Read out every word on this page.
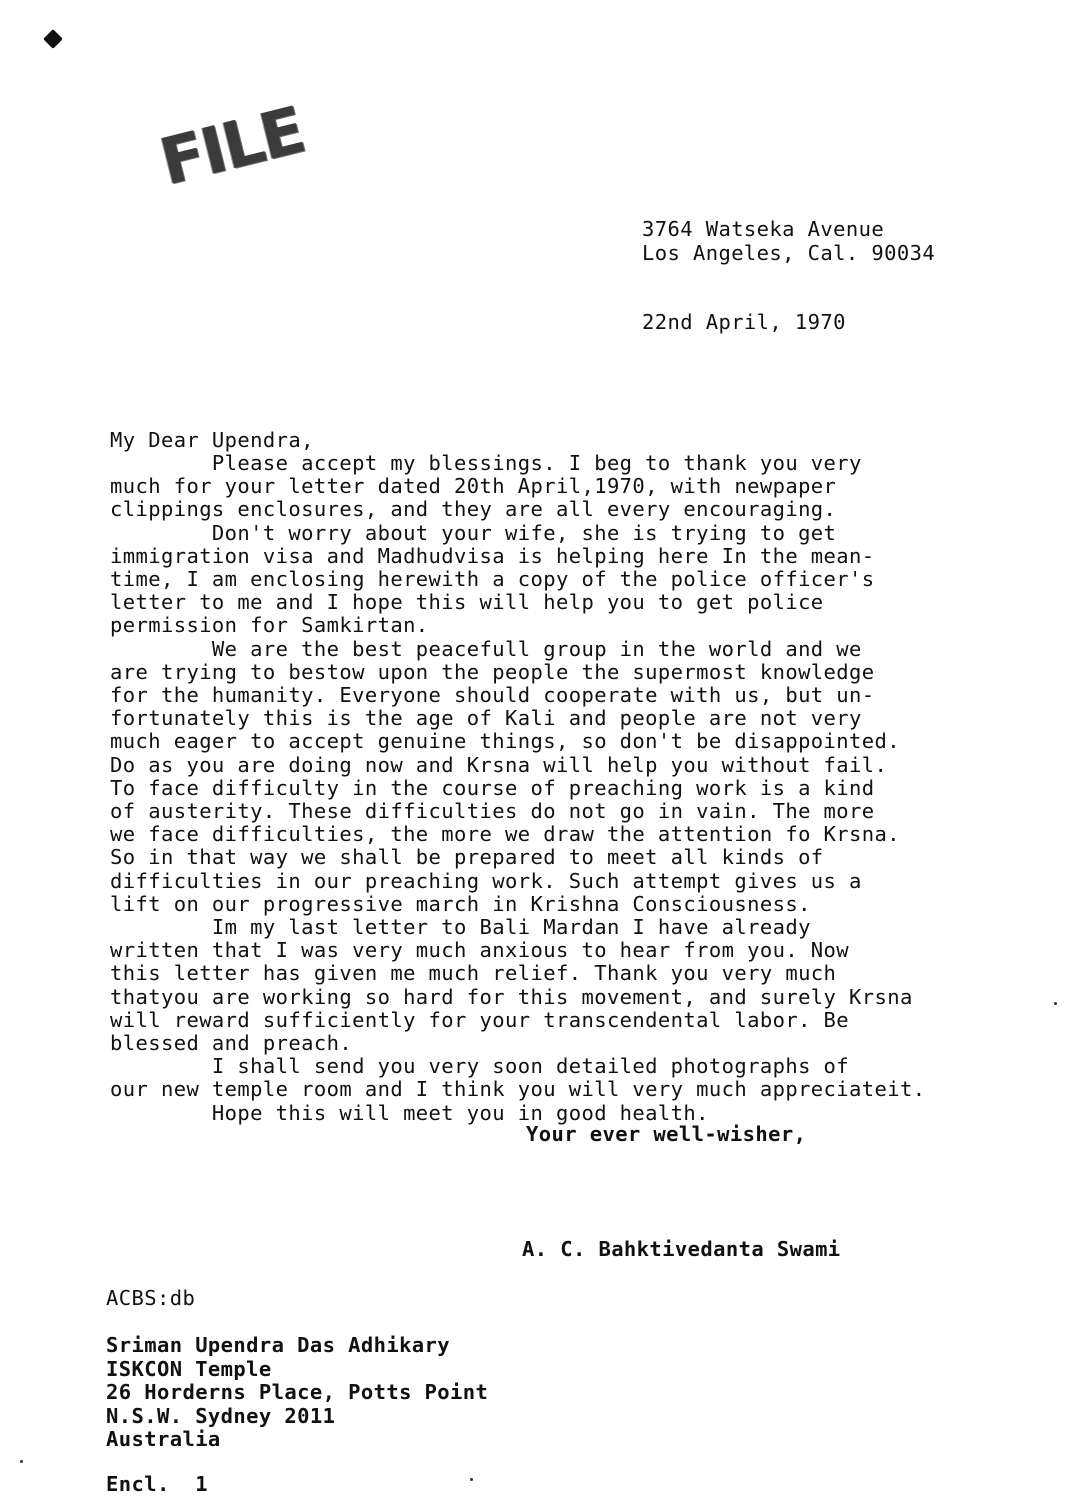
FILE
3764 Watseka Avenue
Los Angeles, Cal. 90034
22nd April, 1970
My Dear Upendra,
Please accept my blessings. I beg to thank you very
much for your letter dated 20th April,1970, with newpaper
clippings enclosures, and they are all every encouraging.
Don't worry about your wife, she is trying to get
immigration visa and Madhudvisa is helping here In the mean-
time, I am enclosing herewith a copy of the police officer's
letter to me and I hope this will help you to get police
permission for Samkirtan.
We are the best peacefull group in the world and we
are trying to bestow upon the people the supermost knowledge
for the humanity. Everyone should cooperate with us, but un-
fortunately this is the age of Kali and people are not very
much eager to accept genuine things, so don't be disappointed.
Do as you are doing now and Krsna will help you without fail.
To face difficulty in the course of preaching work is a kind
of austerity. These difficulties do not go in vain. The more
we face difficulties, the more we draw the attention fo Krsna.
So in that way we shall be prepared to meet all kinds of
difficulties in our preaching work. Such attempt gives us a
lift on our progressive march in Krishna Consciousness.
Im my last letter to Bali Mardan I have already
written that I was very much anxious to hear from you. Now
this letter has given me much relief. Thank you very much
thatyou are working so hard for this movement, and surely Krsna
will reward sufficiently for your transcendental labor. Be
blessed and preach.
I shall send you very soon detailed photographs of
our new temple room and I think you will very much appreciateit.
Hope this will meet you in good health.
Your ever well-wisher,
A. C. Bahktivedanta Swami
ACBS:db
Sriman Upendra Das Adhikary
ISKCON Temple
26 Horderns Place, Potts Point
N.S.W. Sydney 2011
Australia
Encl.  1
